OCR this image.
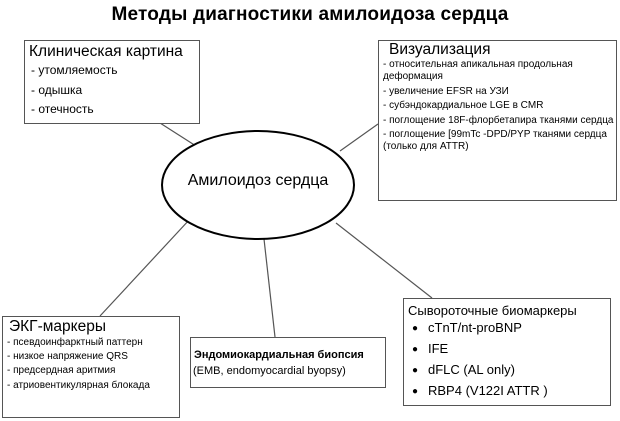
Методы диагностики амилоидоза сердца
Амилоидоз сердца
Клиническая картина
- утомляемость
- одышка
- отечность
Визуализация
- относительная апикальная продольная деформация
- увеличение EFSR на УЗИ
- субэндокардиальное LGE в CMR
- поглощение 18F-флорбетапира тканями сердца
- поглощение [99mTc -DPD/PYP тканями сердца (только для ATTR)
ЭКГ-маркеры
- псевдоинфарктный паттерн
- низкое напряжение QRS
- предсердная аритмия
- атриовентикулярная блокада
Эндомиокардиальная биопсия
(EMB, endomyocardial byopsy)
Сывороточные биомаркеры
● cTnT/nt-proBNP
● IFE
● dFLC (AL only)
● RBP4 (V122I ATTR )
